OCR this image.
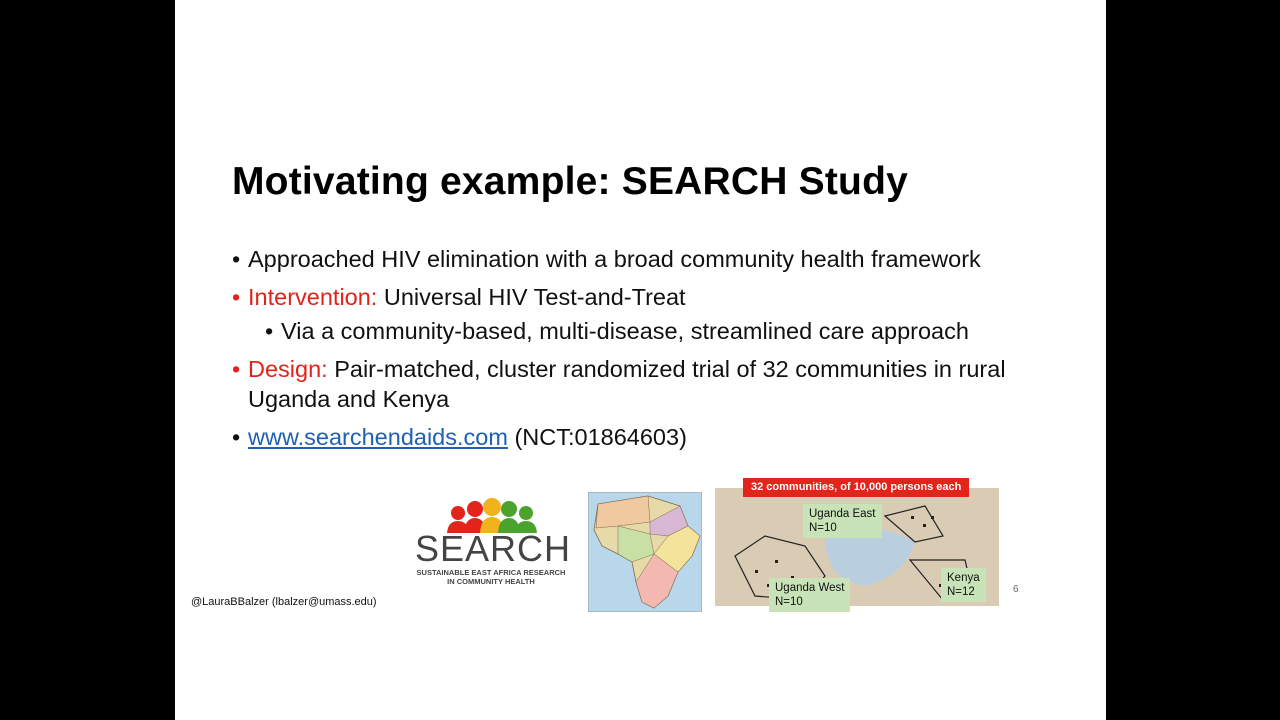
Motivating example: SEARCH Study
• Approached HIV elimination with a broad community health framework
• Intervention: Universal HIV Test-and-Treat
• Via a community-based, multi-disease, streamlined care approach
• Design: Pair-matched, cluster randomized trial of 32 communities in rural Uganda and Kenya
• www.searchendaids.com (NCT:01864603)
SEARCH
SUSTAINABLE EAST AFRICA RESEARCH
IN COMMUNITY HEALTH
32 communities, of 10,000 persons each
Uganda East
N=10
Uganda West
N=10
Kenya
N=12
@LauraBBalzer (lbalzer@umass.edu)
6
